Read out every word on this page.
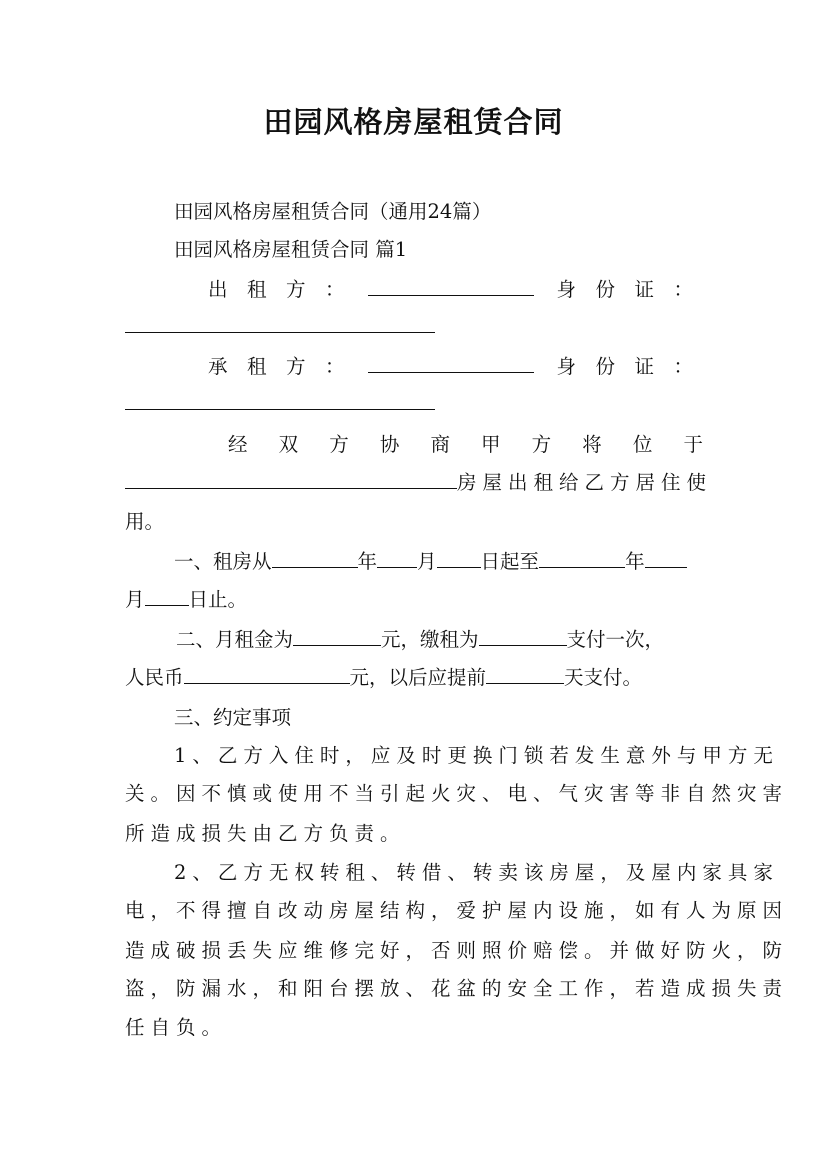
田园风格房屋租赁合同
田园风格房屋租赁合同（通用24篇）
田园风格房屋租赁合同 篇1
出　租　方　：	身　份　证　：
承　租　方　：	身　份　证　：
经 双 方 协 商 甲 方 将 位 于
房屋出租给乙方居住使
用。
一、租房从	年 月 日起至	年
月 日止。
二、月租金为	元，缴租为	支付一次，
人民币	元，以后应提前	天支付。
三、约定事项
1、乙方入住时，应及时更换门锁若发生意外与甲方无
关。因不慎或使用不当引起火灾、电、气灾害等非自然灾害
所造成损失由乙方负责。
2、乙方无权转租、转借、转卖该房屋，及屋内家具家
电，不得擅自改动房屋结构，爱护屋内设施，如有人为原因
造成破损丢失应维修完好，否则照价赔偿。并做好防火，防
盗，防漏水，和阳台摆放、花盆的安全工作，若造成损失责
任自负。
